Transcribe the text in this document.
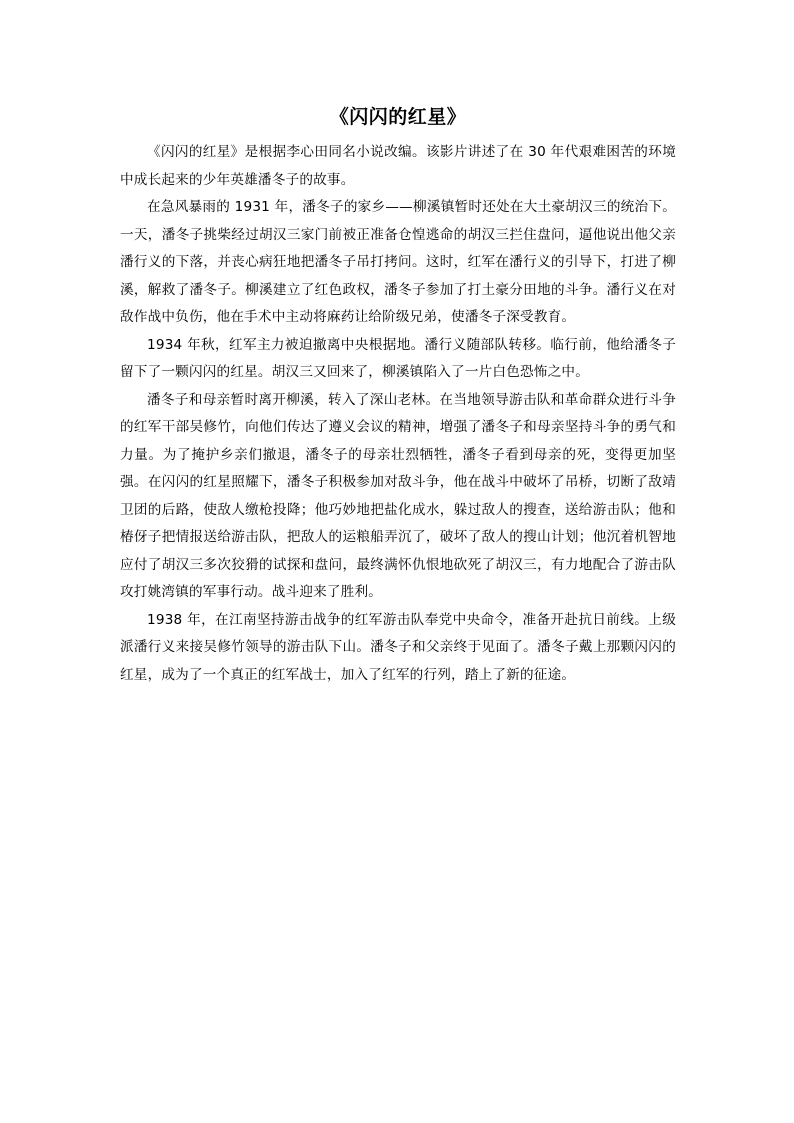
《闪闪的红星》

《闪闪的红星》是根据李心田同名小说改编。该影片讲述了在 30 年代艰难困苦的环境中成长起来的少年英雄潘冬子的故事。

在急风暴雨的 1931 年，潘冬子的家乡——柳溪镇暂时还处在大土豪胡汉三的统治下。一天，潘冬子挑柴经过胡汉三家门前被正准备仓惶逃命的胡汉三拦住盘问，逼他说出他父亲潘行义的下落，并丧心病狂地把潘冬子吊打拷问。这时，红军在潘行义的引导下，打进了柳溪，解救了潘冬子。柳溪建立了红色政权，潘冬子参加了打土豪分田地的斗争。潘行义在对敌作战中负伤，他在手术中主动将麻药让给阶级兄弟，使潘冬子深受教育。

1934 年秋，红军主力被迫撤离中央根据地。潘行义随部队转移。临行前，他给潘冬子留下了一颗闪闪的红星。胡汉三又回来了，柳溪镇陷入了一片白色恐怖之中。

潘冬子和母亲暂时离开柳溪，转入了深山老林。在当地领导游击队和革命群众进行斗争的红军干部吴修竹，向他们传达了遵义会议的精神，增强了潘冬子和母亲坚持斗争的勇气和力量。为了掩护乡亲们撤退，潘冬子的母亲壮烈牺牲，潘冬子看到母亲的死，变得更加坚强。在闪闪的红星照耀下，潘冬子积极参加对敌斗争，他在战斗中破坏了吊桥，切断了敌靖卫团的后路，使敌人缴枪投降；他巧妙地把盐化成水，躲过敌人的搜查，送给游击队；他和椿伢子把情报送给游击队，把敌人的运粮船弄沉了，破坏了敌人的搜山计划；他沉着机智地应付了胡汉三多次狡猾的试探和盘问，最终满怀仇恨地砍死了胡汉三，有力地配合了游击队攻打姚湾镇的军事行动。战斗迎来了胜利。

1938 年，在江南坚持游击战争的红军游击队奉党中央命令，准备开赴抗日前线。上级派潘行义来接吴修竹领导的游击队下山。潘冬子和父亲终于见面了。潘冬子戴上那颗闪闪的红星，成为了一个真正的红军战士，加入了红军的行列，踏上了新的征途。
